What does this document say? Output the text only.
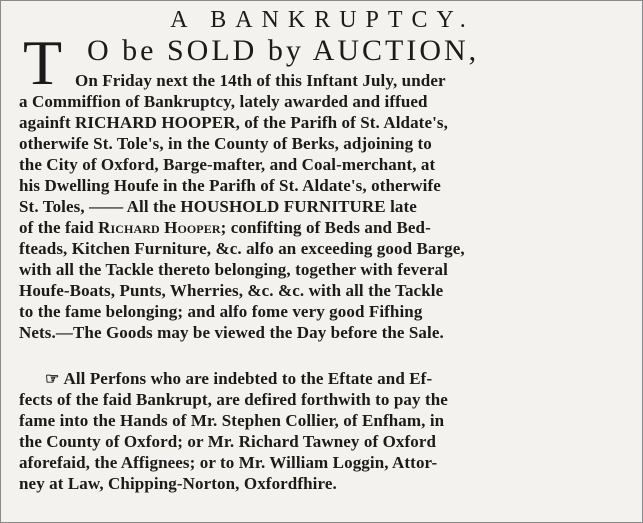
A BANKRUPTCY.
T O be SOLD by AUCTION,
On Friday next the 14th of this Inftant July, under
a Commiffion of Bankruptcy, lately awarded and iffued
againft RICHARD HOOPER, of the Parifh of St. Aldate's,
otherwife St. Tole's, in the County of Berks, adjoining to
the City of Oxford, Barge-mafter, and Coal-merchant, at
his Dwelling Houfe in the Parifh of St. Aldate's, otherwife
St. Toles, —— All the HOUSHOLD FURNITURE late
of the faid Richard Hooper; confifting of Beds and Bed-
fteads, Kitchen Furniture, &c. alfo an exceeding good Barge,
with all the Tackle thereto belonging, together with feveral
Houfe-Boats, Punts, Wherries, &c. &c. with all the Tackle
to the fame belonging; and alfo fome very good Fifhing
Nets.—The Goods may be viewed the Day before the Sale.
☞ All Perfons who are indebted to the Eftate and Ef-
fects of the faid Bankrupt, are defired forthwith to pay the
fame into the Hands of Mr. Stephen Collier, of Enfham, in
the County of Oxford; or Mr. Richard Tawney of Oxford
aforefaid, the Affignees; or to Mr. William Loggin, Attor-
ney at Law, Chipping-Norton, Oxfordfhire.
